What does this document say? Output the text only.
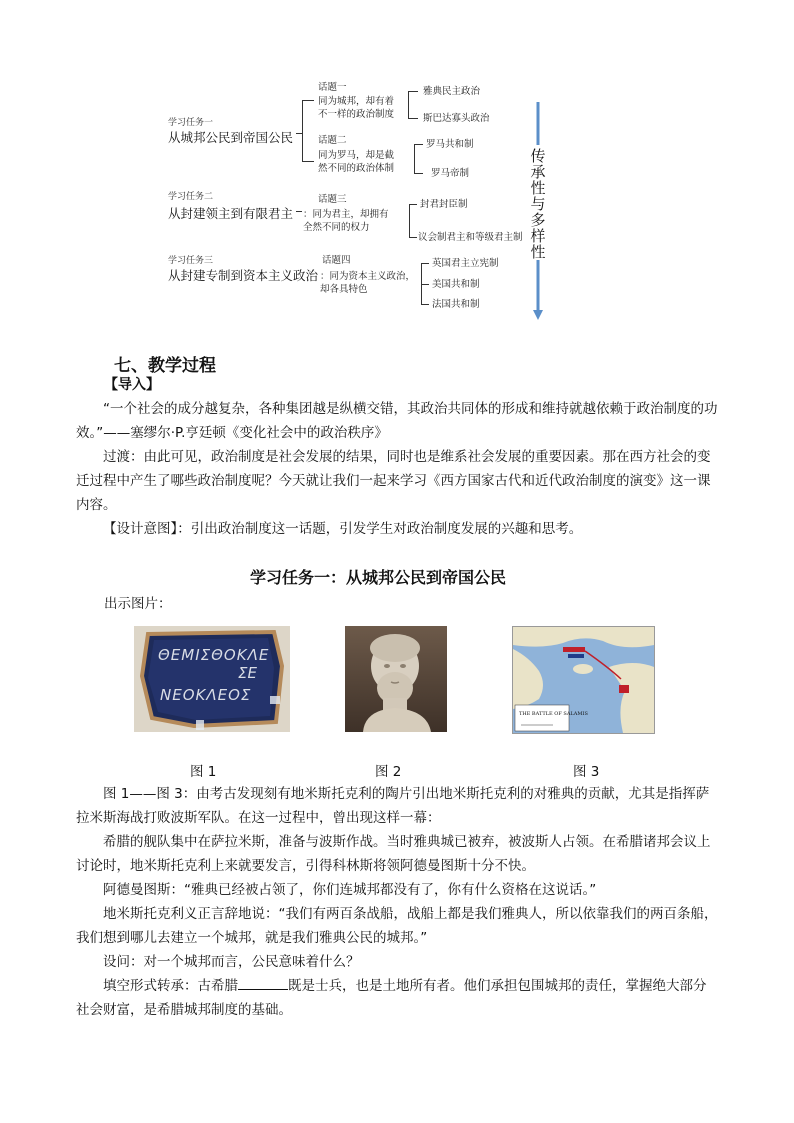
学习任务一
从城邦公民到帝国公民
学习任务二
从封建领主到有限君主
学习任务三
从封建专制到资本主义政治
话题一
同为城邦，却有着
不一样的政治制度
话题二
同为罗马，却是截
然不同的政治体制
雅典民主政治
斯巴达寡头政治
罗马共和制
罗马帝制
话题三
：同为君主，却拥有
全然不同的权力
封君封臣制
议会制君主和等级君主制
话题四
：同为资本主义政治，
却各具特色
英国君主立宪制
美国共和制
法国共和制
传承性与多样性
七、教学过程
【导入】
“一个社会的成分越复杂，各种集团越是纵横交错，其政治共同体的形成和维持就越依赖于政治制度的功效。”——塞缪尔·P.亨廷顿《变化社会中的政治秩序》
过渡：由此可见，政治制度是社会发展的结果，同时也是维系社会发展的重要因素。那在西方社会的变迁过程中产生了哪些政治制度呢？今天就让我们一起来学习《西方国家古代和近代政治制度的演变》这一课内容。
【设计意图】：引出政治制度这一话题，引发学生对政治制度发展的兴趣和思考。
学习任务一：从城邦公民到帝国公民
出示图片：
ΘEMIΣΘOKΛE
ΣE
NEOKΛEOΣ
THE BATTLE OF SALAMIS
图 1	图 2	图 3
图 1——图 3：由考古发现刻有地米斯托克利的陶片引出地米斯托克利的对雅典的贡献，尤其是指挥萨拉米斯海战打败波斯军队。在这一过程中，曾出现这样一幕：
希腊的舰队集中在萨拉米斯，准备与波斯作战。当时雅典城已被弃，被波斯人占领。在希腊诸邦会议上讨论时，地米斯托克利上来就要发言，引得科林斯将领阿德曼图斯十分不快。
阿德曼图斯：“雅典已经被占领了，你们连城邦都没有了，你有什么资格在这说话。”
地米斯托克利义正言辞地说：“我们有两百条战船，战船上都是我们雅典人，所以依靠我们的两百条船，我们想到哪儿去建立一个城邦，就是我们雅典公民的城邦。”
设问：对一个城邦而言，公民意味着什么？
填空形式转承：古希腊	既是士兵，也是土地所有者。他们承担包围城邦的责任，掌握绝大部分社会财富，是希腊城邦制度的基础。
